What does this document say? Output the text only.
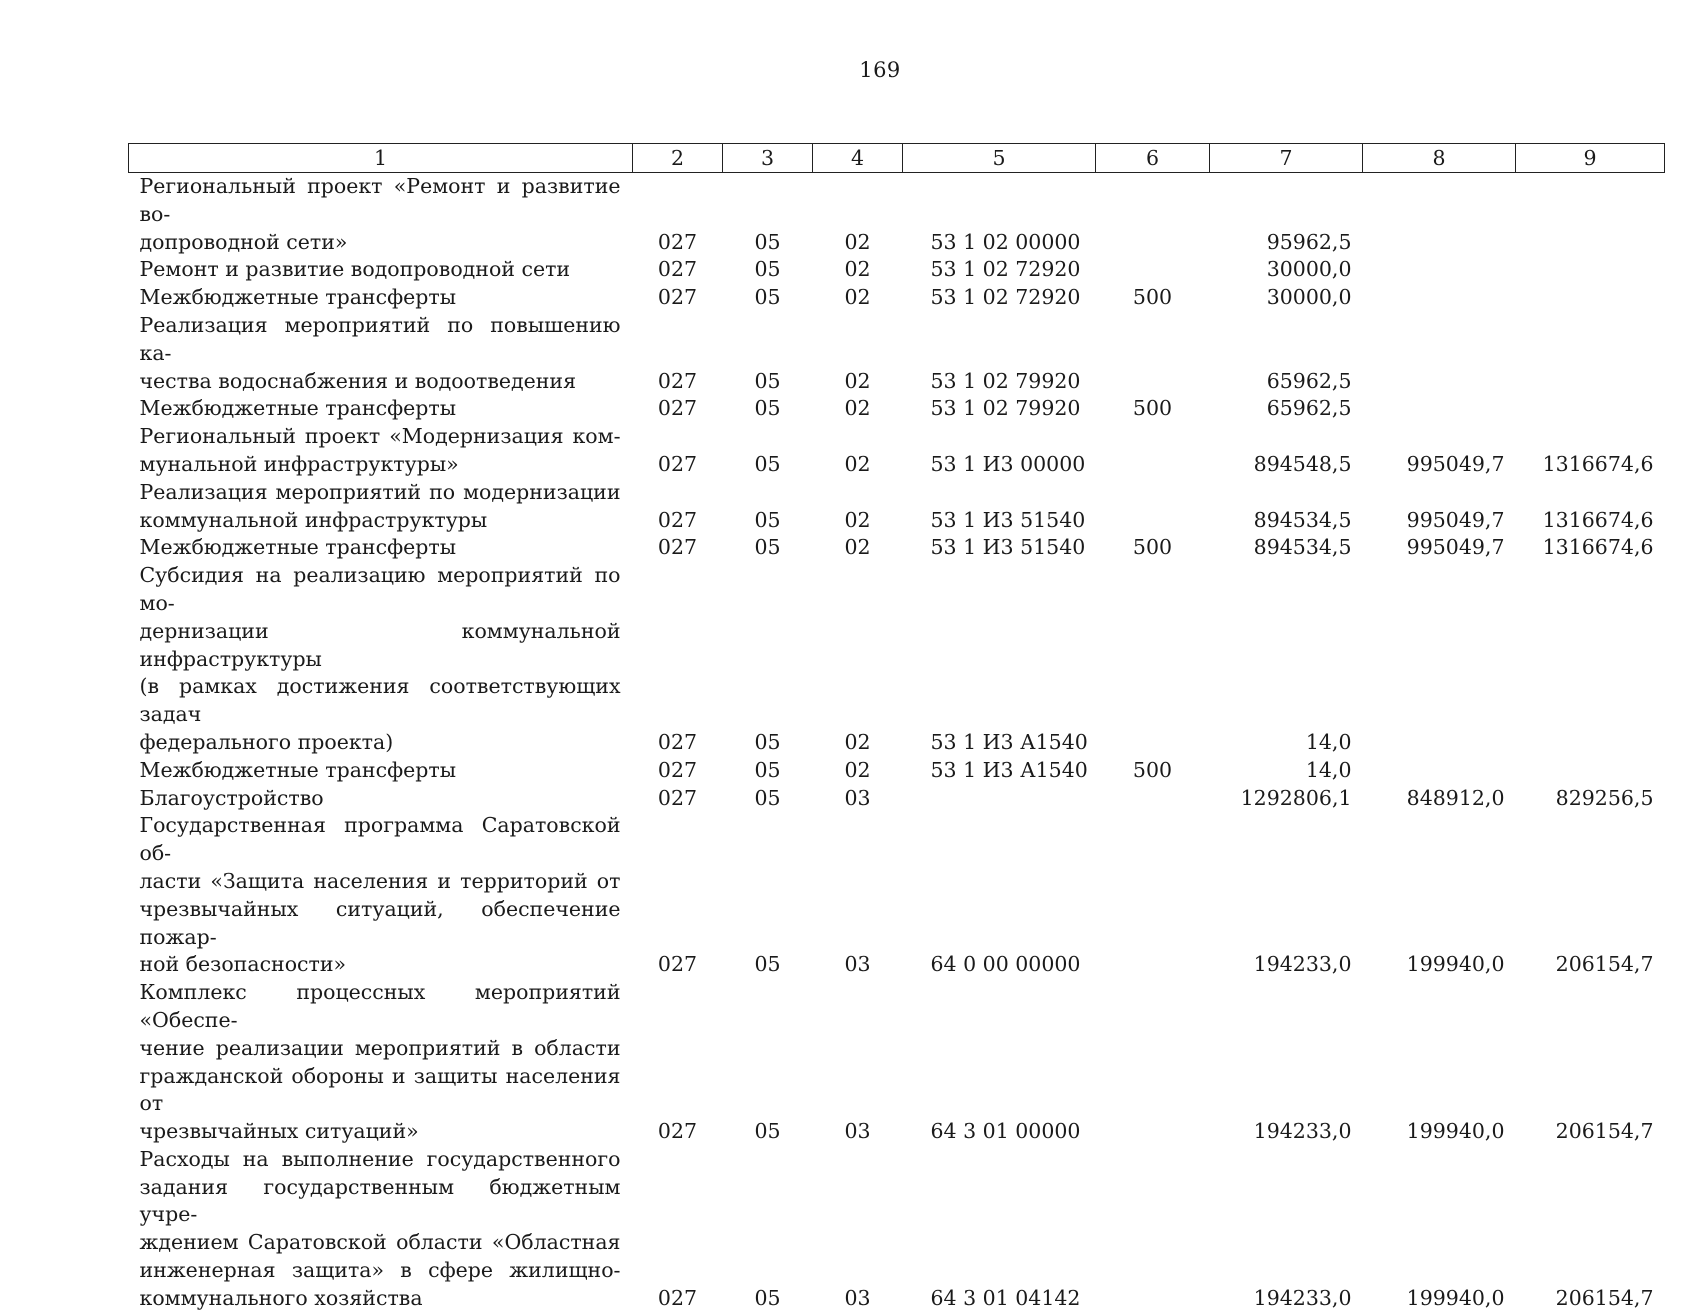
169
1	2	3	4	5	6	7	8	9

Региональный проект «Ремонт и развитие во-
допроводной сети»	027	05	02	53 1 02 00000		95962,5		

Ремонт и развитие водопроводной сети	027	05	02	53 1 02 72920		30000,0		

Межбюджетные трансферты	027	05	02	53 1 02 72920	500	30000,0		

Реализация мероприятий по повышению ка-
чества водоснабжения и водоотведения	027	05	02	53 1 02 79920		65962,5		

Межбюджетные трансферты	027	05	02	53 1 02 79920	500	65962,5		

Региональный проект «Модернизация ком-
мунальной инфраструктуры»	027	05	02	53 1 И3 00000		894548,5	995049,7	1316674,6

Реализация мероприятий по модернизации
коммунальной инфраструктуры	027	05	02	53 1 И3 51540		894534,5	995049,7	1316674,6

Межбюджетные трансферты	027	05	02	53 1 И3 51540	500	894534,5	995049,7	1316674,6

Субсидия на реализацию мероприятий по мо-
дернизации коммунальной инфраструктуры
(в рамках достижения соответствующих задач
федерального проекта)	027	05	02	53 1 И3 А1540		14,0		

Межбюджетные трансферты	027	05	02	53 1 И3 А1540	500	14,0		

Благоустройство	027	05	03			1292806,1	848912,0	829256,5

Государственная программа Саратовской об-
ласти «Защита населения и территорий от
чрезвычайных ситуаций, обеспечение пожар-
ной безопасности»	027	05	03	64 0 00 00000		194233,0	199940,0	206154,7

Комплекс процессных мероприятий «Обеспе-
чение реализации мероприятий в области
гражданской обороны и защиты населения от
чрезвычайных ситуаций»	027	05	03	64 3 01 00000		194233,0	199940,0	206154,7

Расходы на выполнение государственного
задания государственным бюджетным учре-
ждением Саратовской области «Областная
инженерная защита» в сфере жилищно-
коммунального хозяйства	027	05	03	64 3 01 04142		194233,0	199940,0	206154,7
